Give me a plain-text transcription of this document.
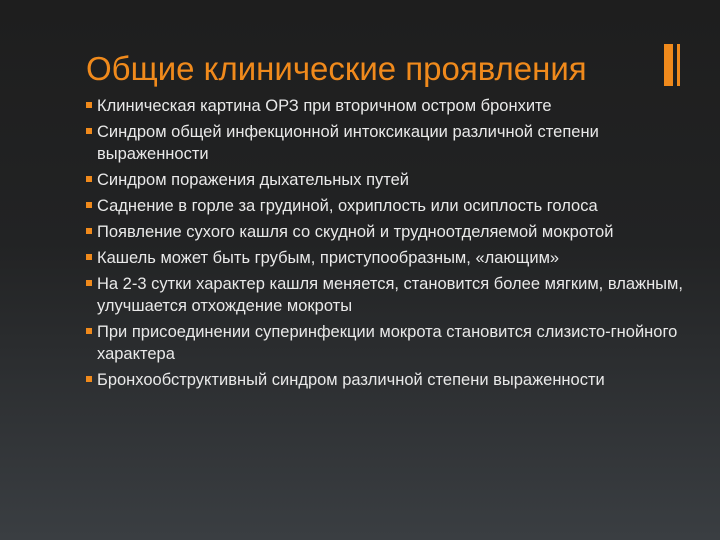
Общие клинические проявления
Клиническая картина ОРЗ при вторичном остром бронхите
Синдром общей инфекционной интоксикации различной степени выраженности
Синдром поражения дыхательных путей
Саднение в горле за грудиной, охриплость или осиплость голоса
Появление сухого кашля со скудной и трудноотделяемой мокротой
Кашель может быть грубым, приступообразным, «лающим»
На 2-3 сутки характер кашля меняется, становится более мягким, влажным, улучшается отхождение мокроты
При присоединении суперинфекции мокрота становится слизисто-гнойного характера
Бронхообструктивный синдром различной степени выраженности
